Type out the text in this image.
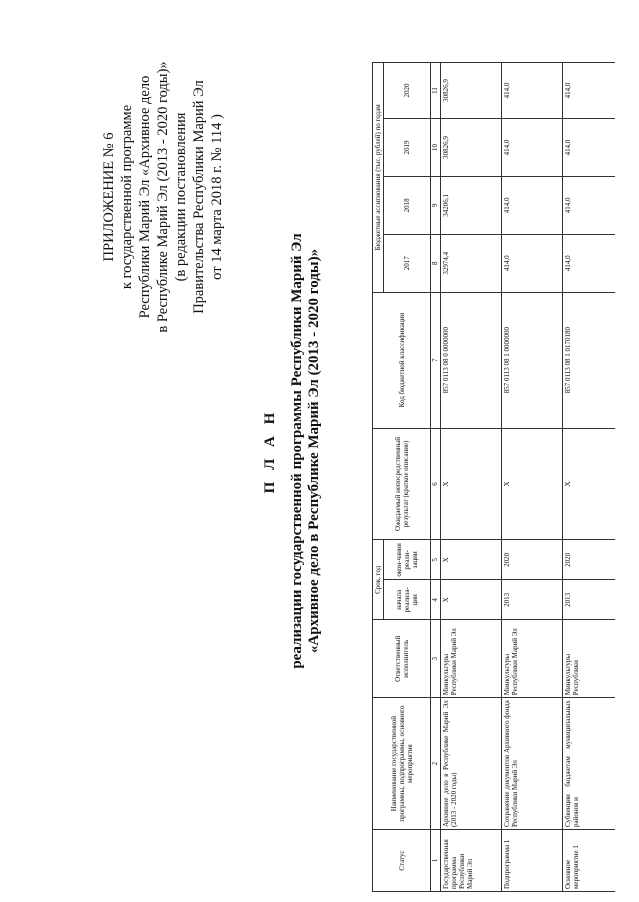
ПРИЛОЖЕНИЕ № 6 к государственной программе Республики Марий Эл «Архивное дело в Республике Марий Эл (2013 - 2020 годы)» (в редакции постановления Правительства Республики Марий Эл от 14 марта 2018 г. № 114 )
П Л А Н реализации государственной программы Республики Марий Эл «Архивное дело в Республике Марий Эл (2013 - 2020 годы)»
Статус	Наименование государственной программы, подпрограммы, основного мероприятия	Ответственный исполнитель	Срок, год		Ожидаемый непосредственный результат (краткое описание)	Код бюджетной классификации	Бюджетные ассигнования (тыс. рублей) по годам			
			начала реализа-ции	окон-чания реали-зации			2017	2018	2019	2020

1	2	3	4	5	6	7	8	9	10	11
Государственная программа Республики Марий Эл	Архивное дело в Республике Марий Эл (2013 - 2020 годы)	Минкультуры Республики Марий Эл	X	X	X	857 0113 08 0 0000000	32974,4	34206,1	30826,9	30826,9
Подпрограмма 1	Сохранение документов Архивного фонда Республики Марий Эл	Минкультуры Республики Марий Эл	2013	2020	X	857 0113 08 1 0000000	414,0	414,0	414,0	414,0
Основное мероприятие 1	Субвенции бюджетам муниципальных районов и	Минкультуры Республики	2013	2020	X	857 0113 08 1 0170180	414,0	414,0	414,0	414,0
